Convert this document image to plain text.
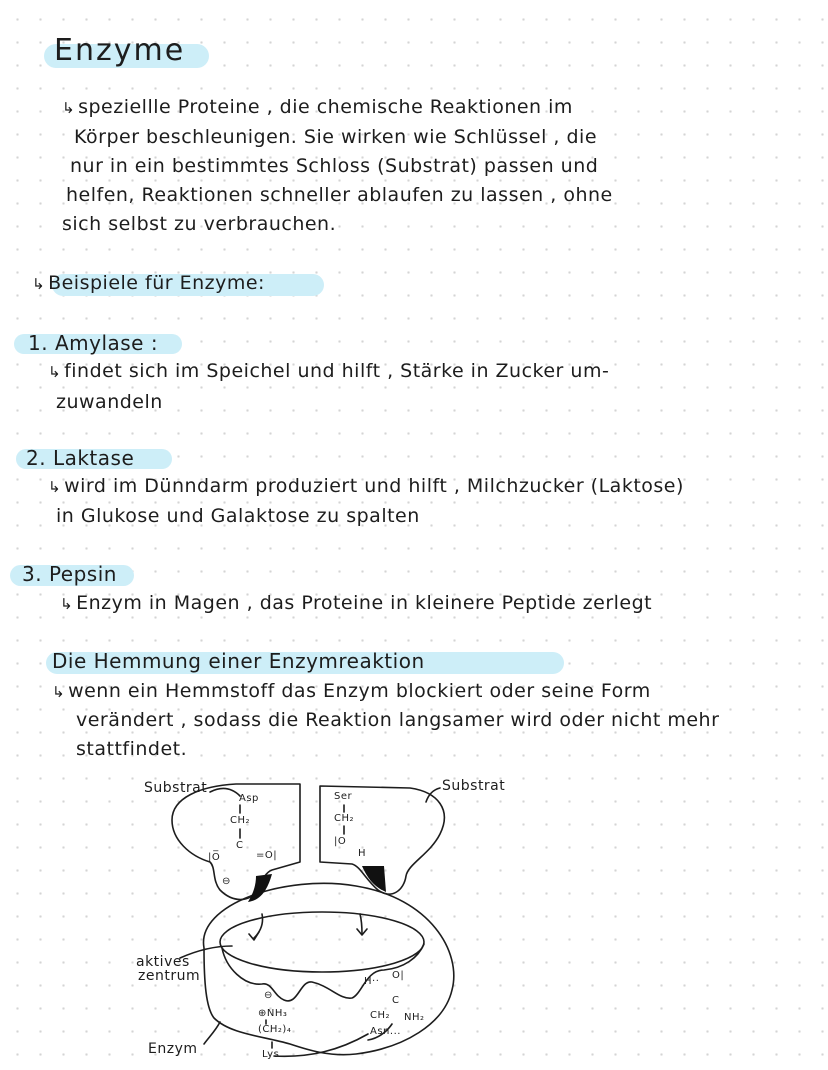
Enzyme
↳ speziellle Proteine , die chemische Reaktionen im
Körper beschleunigen. Sie wirken wie Schlüssel , die
nur in ein bestimmtes Schloss (Substrat) passen und
helfen, Reaktionen schneller ablaufen zu lassen , ohne
sich selbst zu verbrauchen.
↳ Beispiele für Enzyme:
1. Amylase :
↳ findet sich im Speichel und hilft , Stärke in Zucker um-
zuwandeln
2. Laktase
↳ wird im Dünndarm produziert und hilft , Milchzucker (Laktose)
in Glukose und Galaktose zu spalten
3. Pepsin
↳ Enzym in Magen , das Proteine in kleinere Peptide zerlegt
Die Hemmung einer Enzymreaktion
↳ wenn ein Hemmstoff das Enzym blockiert oder seine Form
verändert , sodass die Reaktion langsamer wird oder nicht mehr
stattfindet.
Substrat	Substrat
aktives
zentrum
Enzym
Asp
CH₂
C
|O̅	=O|
⊖
Ser
CH₂
|O
H
⊖
⊕NH₃
(CH₂)₄
Lys
H··
O|
C
CH₂ NH₂
Asn...
